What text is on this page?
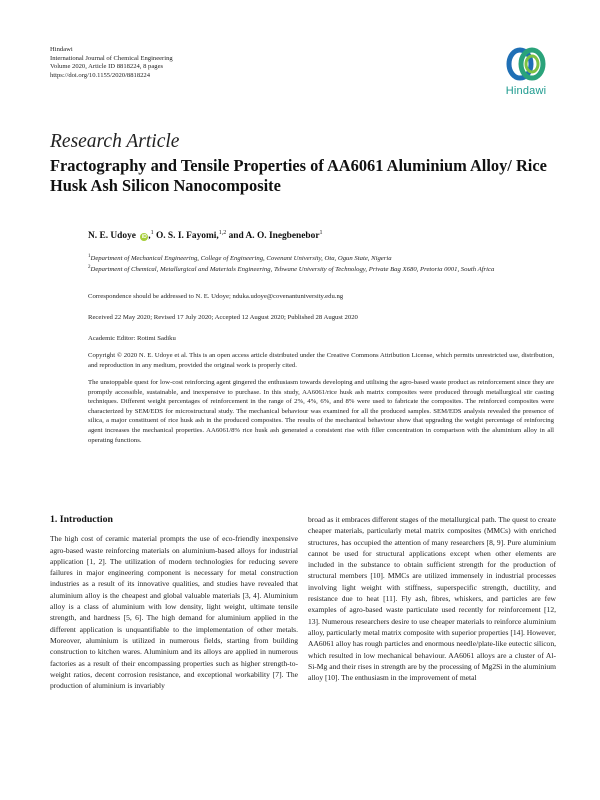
Hindawi
International Journal of Chemical Engineering
Volume 2020, Article ID 8818224, 8 pages
https://doi.org/10.1155/2020/8818224
Hindawi
Research Article
Fractography and Tensile Properties of AA6061 Aluminium Alloy/ Rice Husk Ash Silicon Nanocomposite
N. E. Udoye iD ,$^1$ O. S. I. Fayomi,$^{1,2}$ and A. O. Inegbenebor$^1$
$^1$Department of Mechanical Engineering, College of Engineering, Covenant University, Ota, Ogun State, Nigeria
$^2$Department of Chemical, Metallurgical and Materials Engineering, Tshwane University of Technology, Private Bag X680, Pretoria 0001, South Africa
Correspondence should be addressed to N. E. Udoye; nduka.udoye@covenantuniversity.edu.ng
Received 22 May 2020; Revised 17 July 2020; Accepted 12 August 2020; Published 28 August 2020
Academic Editor: Rotimi Sadiku
Copyright © 2020 N. E. Udoye et al. This is an open access article distributed under the Creative Commons Attribution License, which permits unrestricted use, distribution, and reproduction in any medium, provided the original work is properly cited.
The unstoppable quest for low-cost reinforcing agent gingered the enthusiasm towards developing and utilising the agro-based waste product as reinforcement since they are promptly accessible, sustainable, and inexpensive to purchase. In this study, AA6061/rice husk ash matrix composites were produced through metallurgical stir casting techniques. Different weight percentages of reinforcement in the range of 2%, 4%, 6%, and 8% were used to fabricate the composites. The reinforced composites were characterized by SEM/EDS for microstructural study. The mechanical behaviour was examined for all the produced samples. SEM/EDS analysis revealed the presence of silica, a major constituent of rice husk ash in the produced composites. The results of the mechanical behaviour show that upgrading the weight percentage of reinforcing agent increases the mechanical properties. AA6061/8% rice husk ash generated a consistent rise with filler concentration in comparison with the aluminium alloy in all operating functions.
1. Introduction

The high cost of ceramic material prompts the use of eco-friendly inexpensive agro-based waste reinforcing materials on aluminium-based alloys for industrial application [1, 2]. The utilization of modern technologies for reducing severe failures in major engineering component is necessary for metal construction industries as a result of its innovative qualities, and studies have revealed that aluminium alloy is the cheapest and global valuable materials [3, 4]. Aluminium alloy is a class of aluminium with low density, light weight, ultimate tensile strength, and hardness [5, 6]. The high demand for aluminium applied in the different application is unquantifiable to the implementation of other metals. Moreover, aluminium is utilized in numerous fields, starting from building construction to kitchen wares. Aluminium and its alloys are applied in numerous factories as a result of their encompassing properties such as higher strength-to-weight ratios, decent corrosion resistance, and exceptional workability [7]. The production of aluminium is invariably

broad as it embraces different stages of the metallurgical path. The quest to create cheaper materials, particularly metal matrix composites (MMCs) with enriched structures, has occupied the attention of many researchers [8, 9]. Pure aluminium cannot be used for structural applications except when other elements are included in the substance to obtain sufficient strength for the production of structural members [10]. MMCs are utilized immensely in industrial processes involving light weight with stiffness, superspecific strength, ductility, and resistance due to heat [11]. Fly ash, fibres, whiskers, and particles are few examples of agro-based waste particulate used recently for reinforcement [12, 13]. Numerous researchers desire to use cheaper materials to reinforce aluminium alloy, particularly metal matrix composite with superior properties [14]. However, AA6061 alloy has rough particles and enormous needle/plate-like eutectic silicon, which resulted in low mechanical behaviour. AA6061 alloys are a cluster of Al-Si-Mg and their rises in strength are by the processing of Mg2Si in the aluminium alloy [10]. The enthusiasm in the improvement of metal
